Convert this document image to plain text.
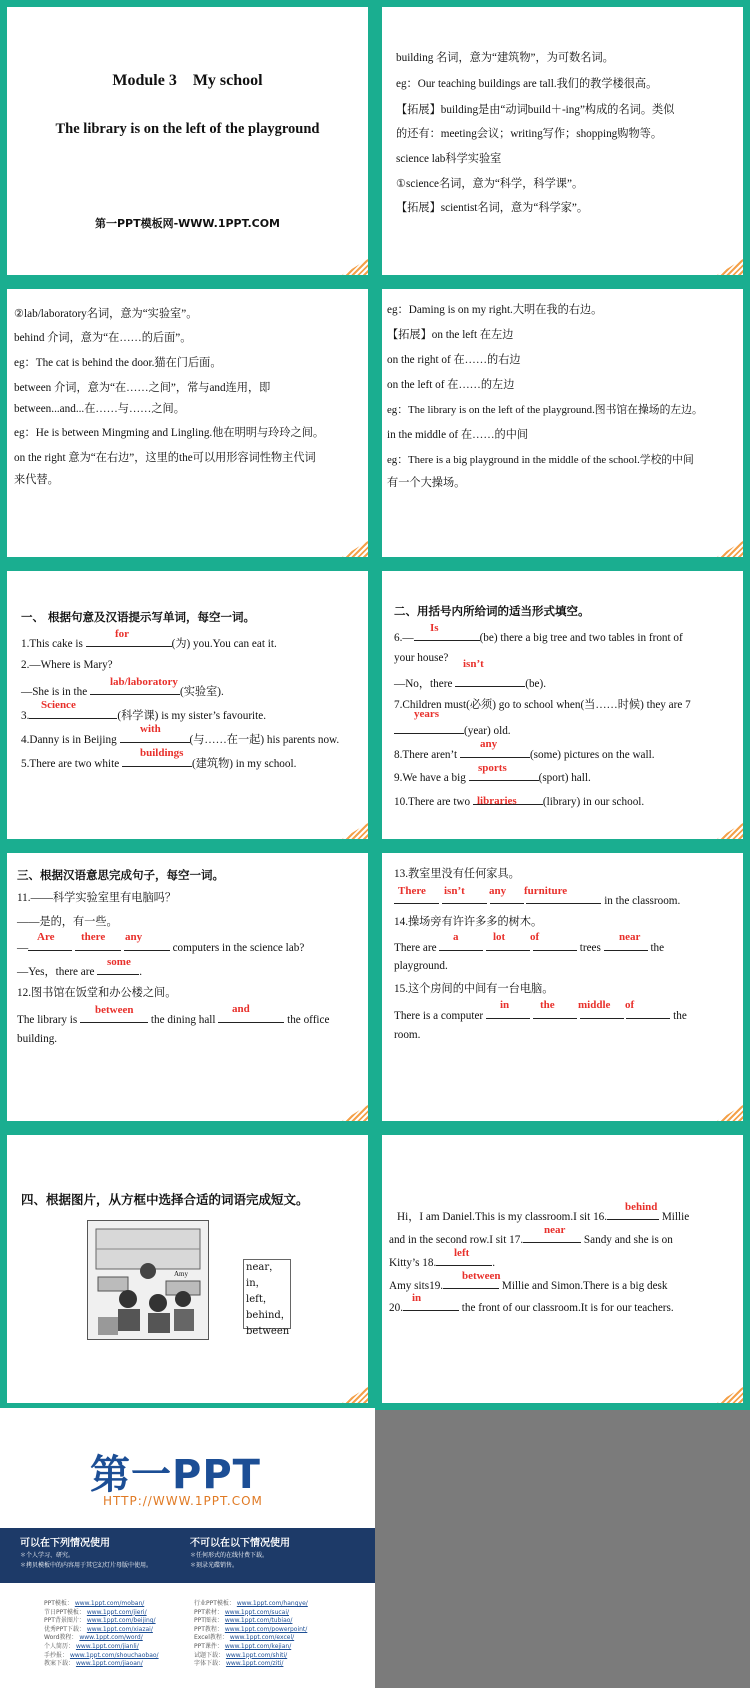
Module 3　My school
The library is on the left of the playground
第一PPT模板网-WWW.1PPT.COM
building 名词，意为“建筑物”，为可数名词。
eg：Our teaching buildings are tall.我们的教学楼很高。
【拓展】building是由“动词build＋-ing”构成的名词。类似
的还有：meeting会议；writing写作；shopping购物等。
science lab科学实验室
①science名词，意为“科学，科学课”。
【拓展】scientist名词，意为“科学家”。
②lab/laboratory名词，意为“实验室”。
behind 介词，意为“在……的后面”。
eg：The cat is behind the door.猫在门后面。
between 介词，意为“在……之间”，常与and连用，即
between...and...在……与……之间。
eg：He is between Mingming and Lingling.他在明明与玲玲之间。
on the right 意为“在右边”，这里的the可以用形容词性物主代词
来代替。
eg：Daming is on my right.大明在我的右边。
【拓展】on the left 在左边
on the right of 在……的右边
on the left of 在……的左边
eg：The library is on the left of the playground.图书馆在操场的左边。
in the middle of 在……的中间
eg：There is a big playground in the middle of the school.学校的中间
有一个大操场。
一、 根据句意及汉语提示写单词，每空一词。
1.This cake is	(为) you.You can eat it.
for
2.—Where is Mary?
—She is in the	(实验室).
lab/laboratory
3.	(科学课) is my sister’s favourite.
Science
4.Danny is in Beijing	(与……在一起) his parents now.
with
5.There are two white	(建筑物) in my school.
buildings
二、用括号内所给词的适当形式填空。
6.—	(be) there a big tree and two tables in front of
Is
your house?
—No，there	(be).
isn’t
7.Children must(必须) go to school when(当……时候) they are 7
(year) old.
years
8.There aren’t	(some) pictures on the wall.
any
9.We have a big	(sport) hall.
sports
10.There are two	(library) in our school.
libraries
三、根据汉语意思完成句子，每空一词。
11.——科学实验室里有电脑吗？
——是的，有一些。
—	computers in the science lab?
Are there any
—Yes，there are	.
some
12.图书馆在饭堂和办公楼之间。
The library is	the dining hall	the office
between	and
building.
13.教室里没有任何家具。
in the classroom.
There isn’t any furniture
14.操场旁有许许多多的树木。
There are	trees	the
a	lot of	near
playground.
15.这个房间的中间有一台电脑。
There is a computer	the
in	the middle of
room.
四、根据图片，从方框中选择合适的词语完成短文。
Amy
near，
in，left，
behind，
between
Hi，I am Daniel.This is my classroom.I sit 16.	Millie
behind
and in the second row.I sit 17.	Sandy and she is on
near
Kitty’s 18.	.
left
Amy sits19.	Millie and Simon.There is a big desk
between
20.	the front of our classroom.It is for our teachers.
in
第一PPT
HTTP://WWW.1PPT.COM
可以在下列情况使用
＊个人学习、研究。
＊拷贝模板中的内容用于其它幻灯片母版中使用。
不可以在以下情况使用
＊任何形式的在线付费下载。
＊刻录光碟销售。
PPT模板： www.1ppt.com/moban/
节日PPT模板： www.1ppt.com/jieri/
PPT背景图片： www.1ppt.com/beijing/
优秀PPT下载： www.1ppt.com/xiazai/
Word教程： www.1ppt.com/word/
个人简历： www.1ppt.com/jianli/
手抄报： www.1ppt.com/shouchaobao/
教案下载： www.1ppt.com/jiaoan/
行业PPT模板： www.1ppt.com/hangye/
PPT素材： www.1ppt.com/sucai/
PPT图表： www.1ppt.com/tubiao/
PPT教程： www.1ppt.com/powerpoint/
Excel教程： www.1ppt.com/excel/
PPT课件： www.1ppt.com/kejian/
试题下载： www.1ppt.com/shiti/
字体下载： www.1ppt.com/ziti/
